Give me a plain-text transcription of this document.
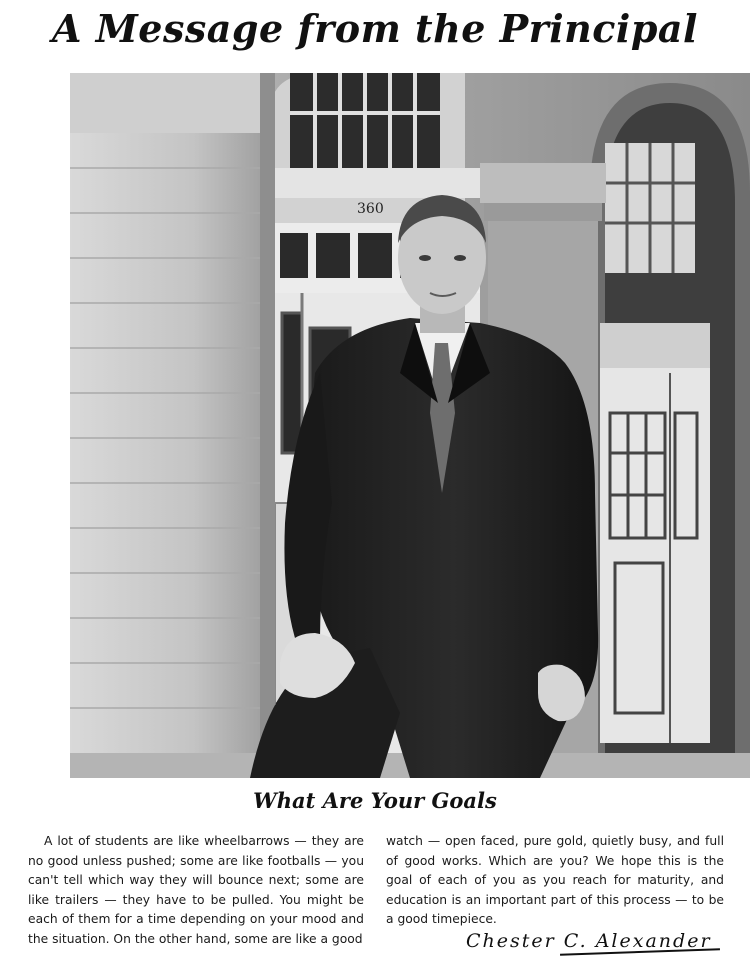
A Message from the Principal
360
What Are Your Goals
A lot of students are like wheelbarrows — they are no good unless pushed; some are like footballs — you can't tell which way they will bounce next; some are like trailers — they have to be pulled. You might be each of them for a time depending on your mood and the situation. On the other hand, some are like a good
watch — open faced, pure gold, quietly busy, and full of good works. Which are you? We hope this is the goal of each of you as you reach for maturity, and education is an important part of this process — to be a good timepiece.
Chester C. Alexander
